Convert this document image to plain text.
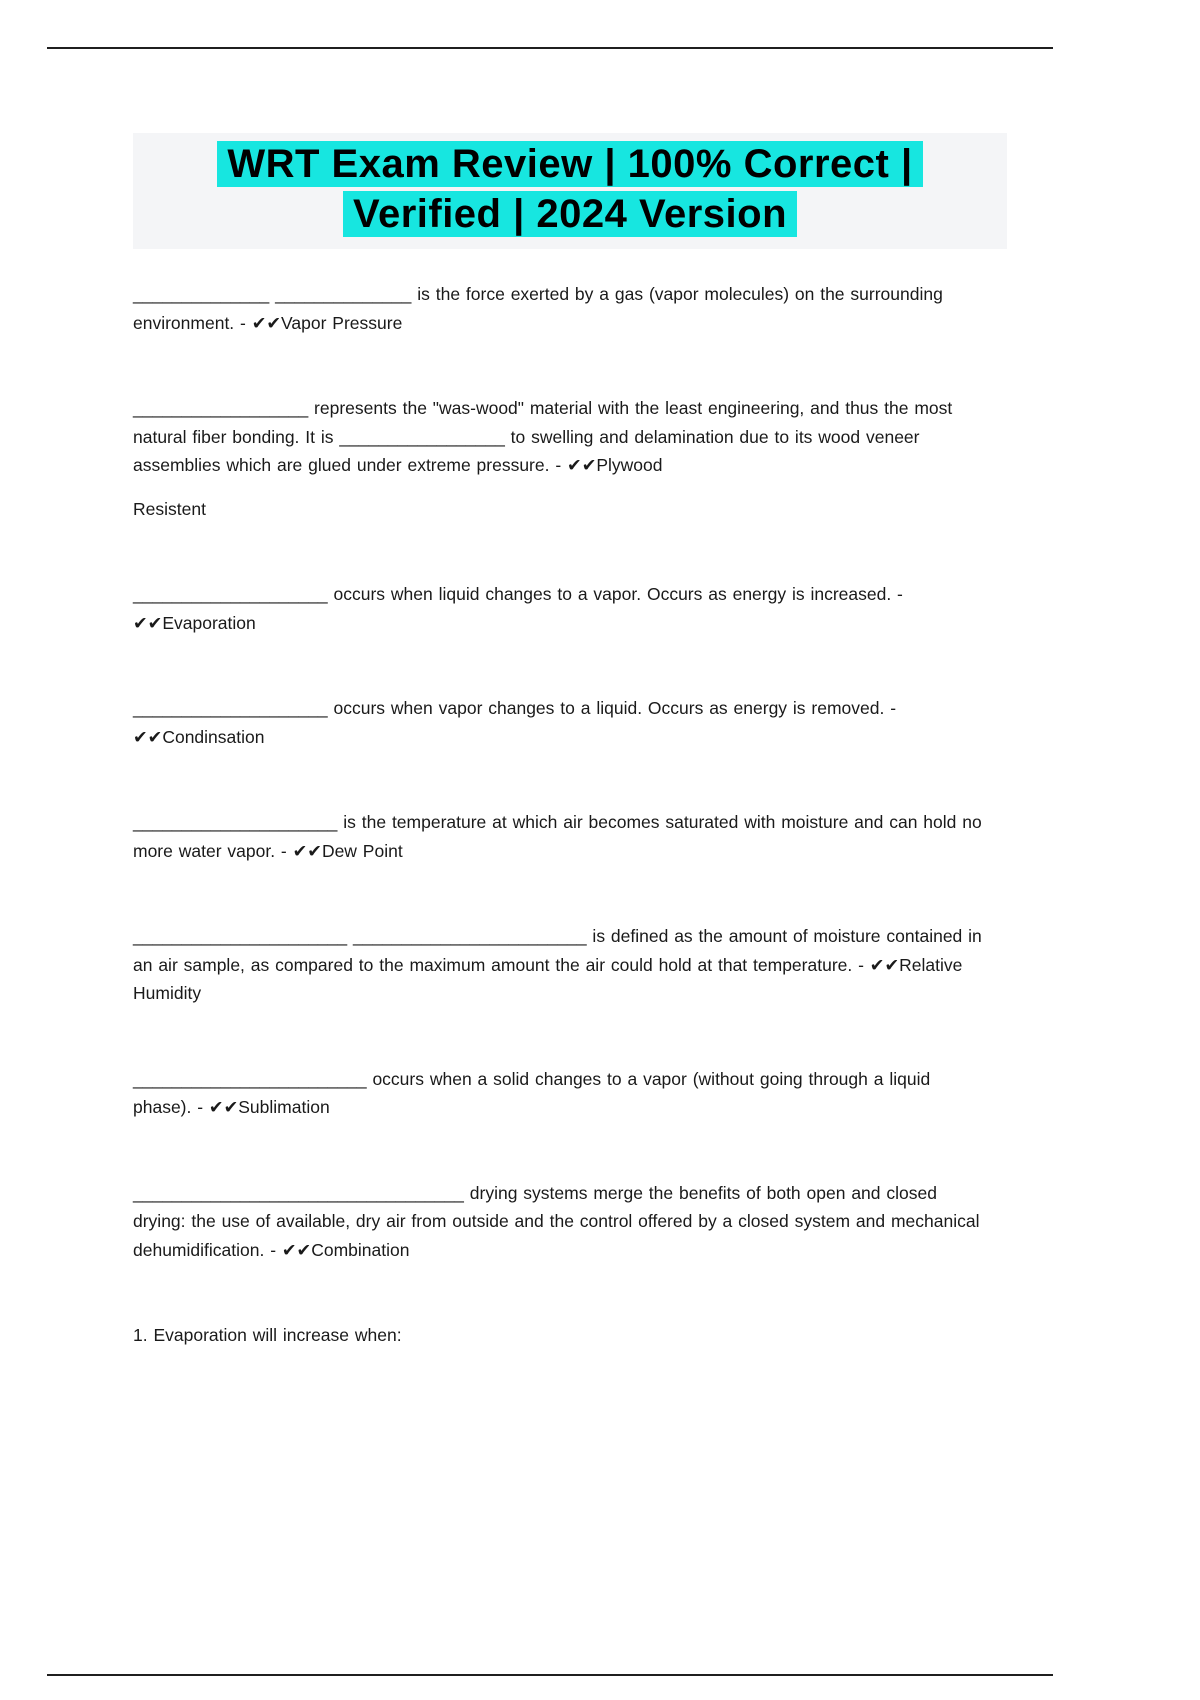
WRT Exam Review | 100% Correct |
Verified | 2024 Version

______________ ______________ is the force exerted by a gas (vapor molecules) on the surrounding environment. - ✔✔Vapor Pressure

__________________ represents the "was-wood" material with the least engineering, and thus the most natural fiber bonding. It is _________________ to swelling and delamination due to its wood veneer assemblies which are glued under extreme pressure. - ✔✔Plywood

Resistent

____________________ occurs when liquid changes to a vapor. Occurs as energy is increased. - ✔✔Evaporation

____________________ occurs when vapor changes to a liquid. Occurs as energy is removed. - ✔✔Condinsation

_____________________ is the temperature at which air becomes saturated with moisture and can hold no more water vapor. - ✔✔Dew Point

______________________ ________________________ is defined as the amount of moisture contained in an air sample, as compared to the maximum amount the air could hold at that temperature. - ✔✔Relative Humidity

________________________ occurs when a solid changes to a vapor (without going through a liquid phase). - ✔✔Sublimation

__________________________________ drying systems merge the benefits of both open and closed drying: the use of available, dry air from outside and the control offered by a closed system and mechanical dehumidification. - ✔✔Combination

1. Evaporation will increase when:
